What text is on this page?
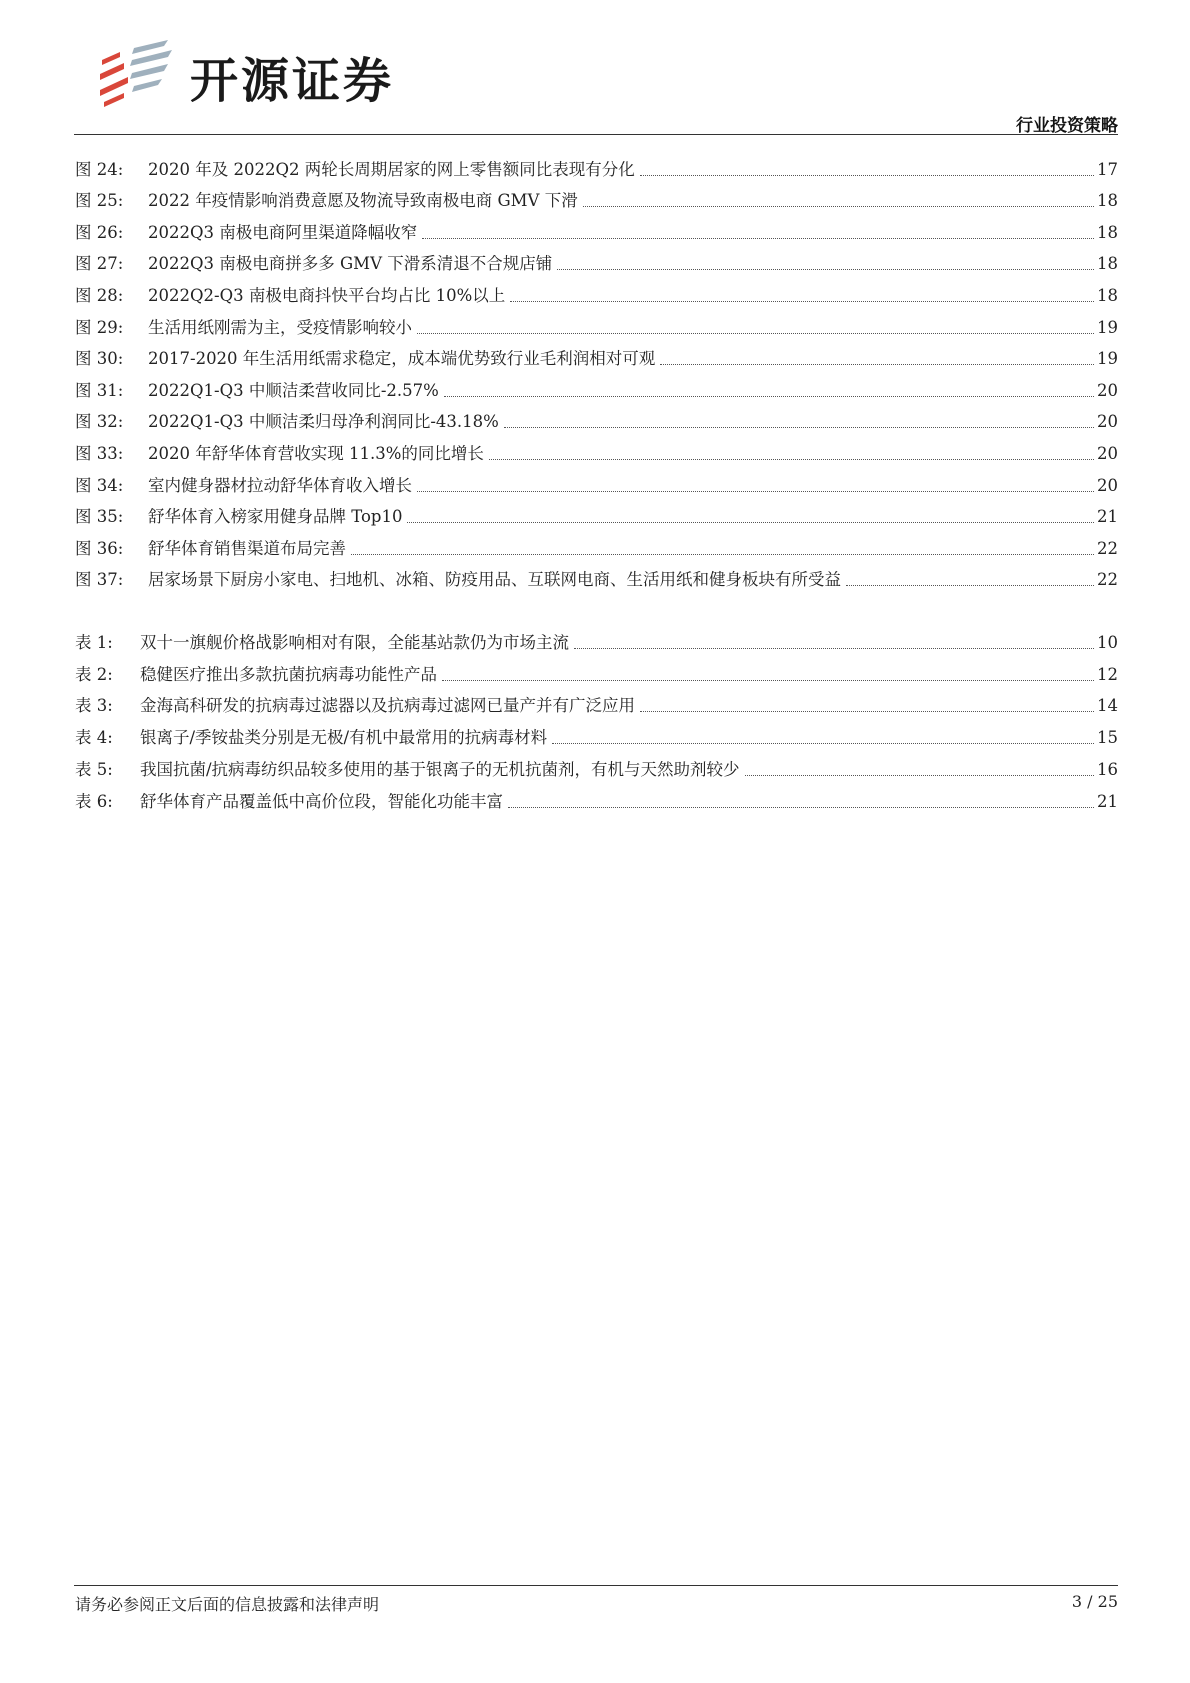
开源证券
行业投资策略
图 24:	2020 年及 2022Q2 两轮长周期居家的网上零售额同比表现有分化	17
图 25:	2022 年疫情影响消费意愿及物流导致南极电商 GMV 下滑	18
图 26:	2022Q3 南极电商阿里渠道降幅收窄	18
图 27:	2022Q3 南极电商拼多多 GMV 下滑系清退不合规店铺	18
图 28:	2022Q2-Q3 南极电商抖快平台均占比 10%以上	18
图 29:	生活用纸刚需为主，受疫情影响较小	19
图 30:	2017-2020 年生活用纸需求稳定，成本端优势致行业毛利润相对可观	19
图 31:	2022Q1-Q3 中顺洁柔营收同比-2.57%	20
图 32:	2022Q1-Q3 中顺洁柔归母净利润同比-43.18%	20
图 33:	2020 年舒华体育营收实现 11.3%的同比增长	20
图 34:	室内健身器材拉动舒华体育收入增长	20
图 35:	舒华体育入榜家用健身品牌 Top10	21
图 36:	舒华体育销售渠道布局完善	22
图 37:	居家场景下厨房小家电、扫地机、冰箱、防疫用品、互联网电商、生活用纸和健身板块有所受益	22
表 1:	双十一旗舰价格战影响相对有限，全能基站款仍为市场主流	10
表 2:	稳健医疗推出多款抗菌抗病毒功能性产品	12
表 3:	金海高科研发的抗病毒过滤器以及抗病毒过滤网已量产并有广泛应用	14
表 4:	银离子/季铵盐类分别是无极/有机中最常用的抗病毒材料	15
表 5:	我国抗菌/抗病毒纺织品较多使用的基于银离子的无机抗菌剂，有机与天然助剂较少	16
表 6:	舒华体育产品覆盖低中高价位段，智能化功能丰富	21
请务必参阅正文后面的信息披露和法律声明	3 / 25
